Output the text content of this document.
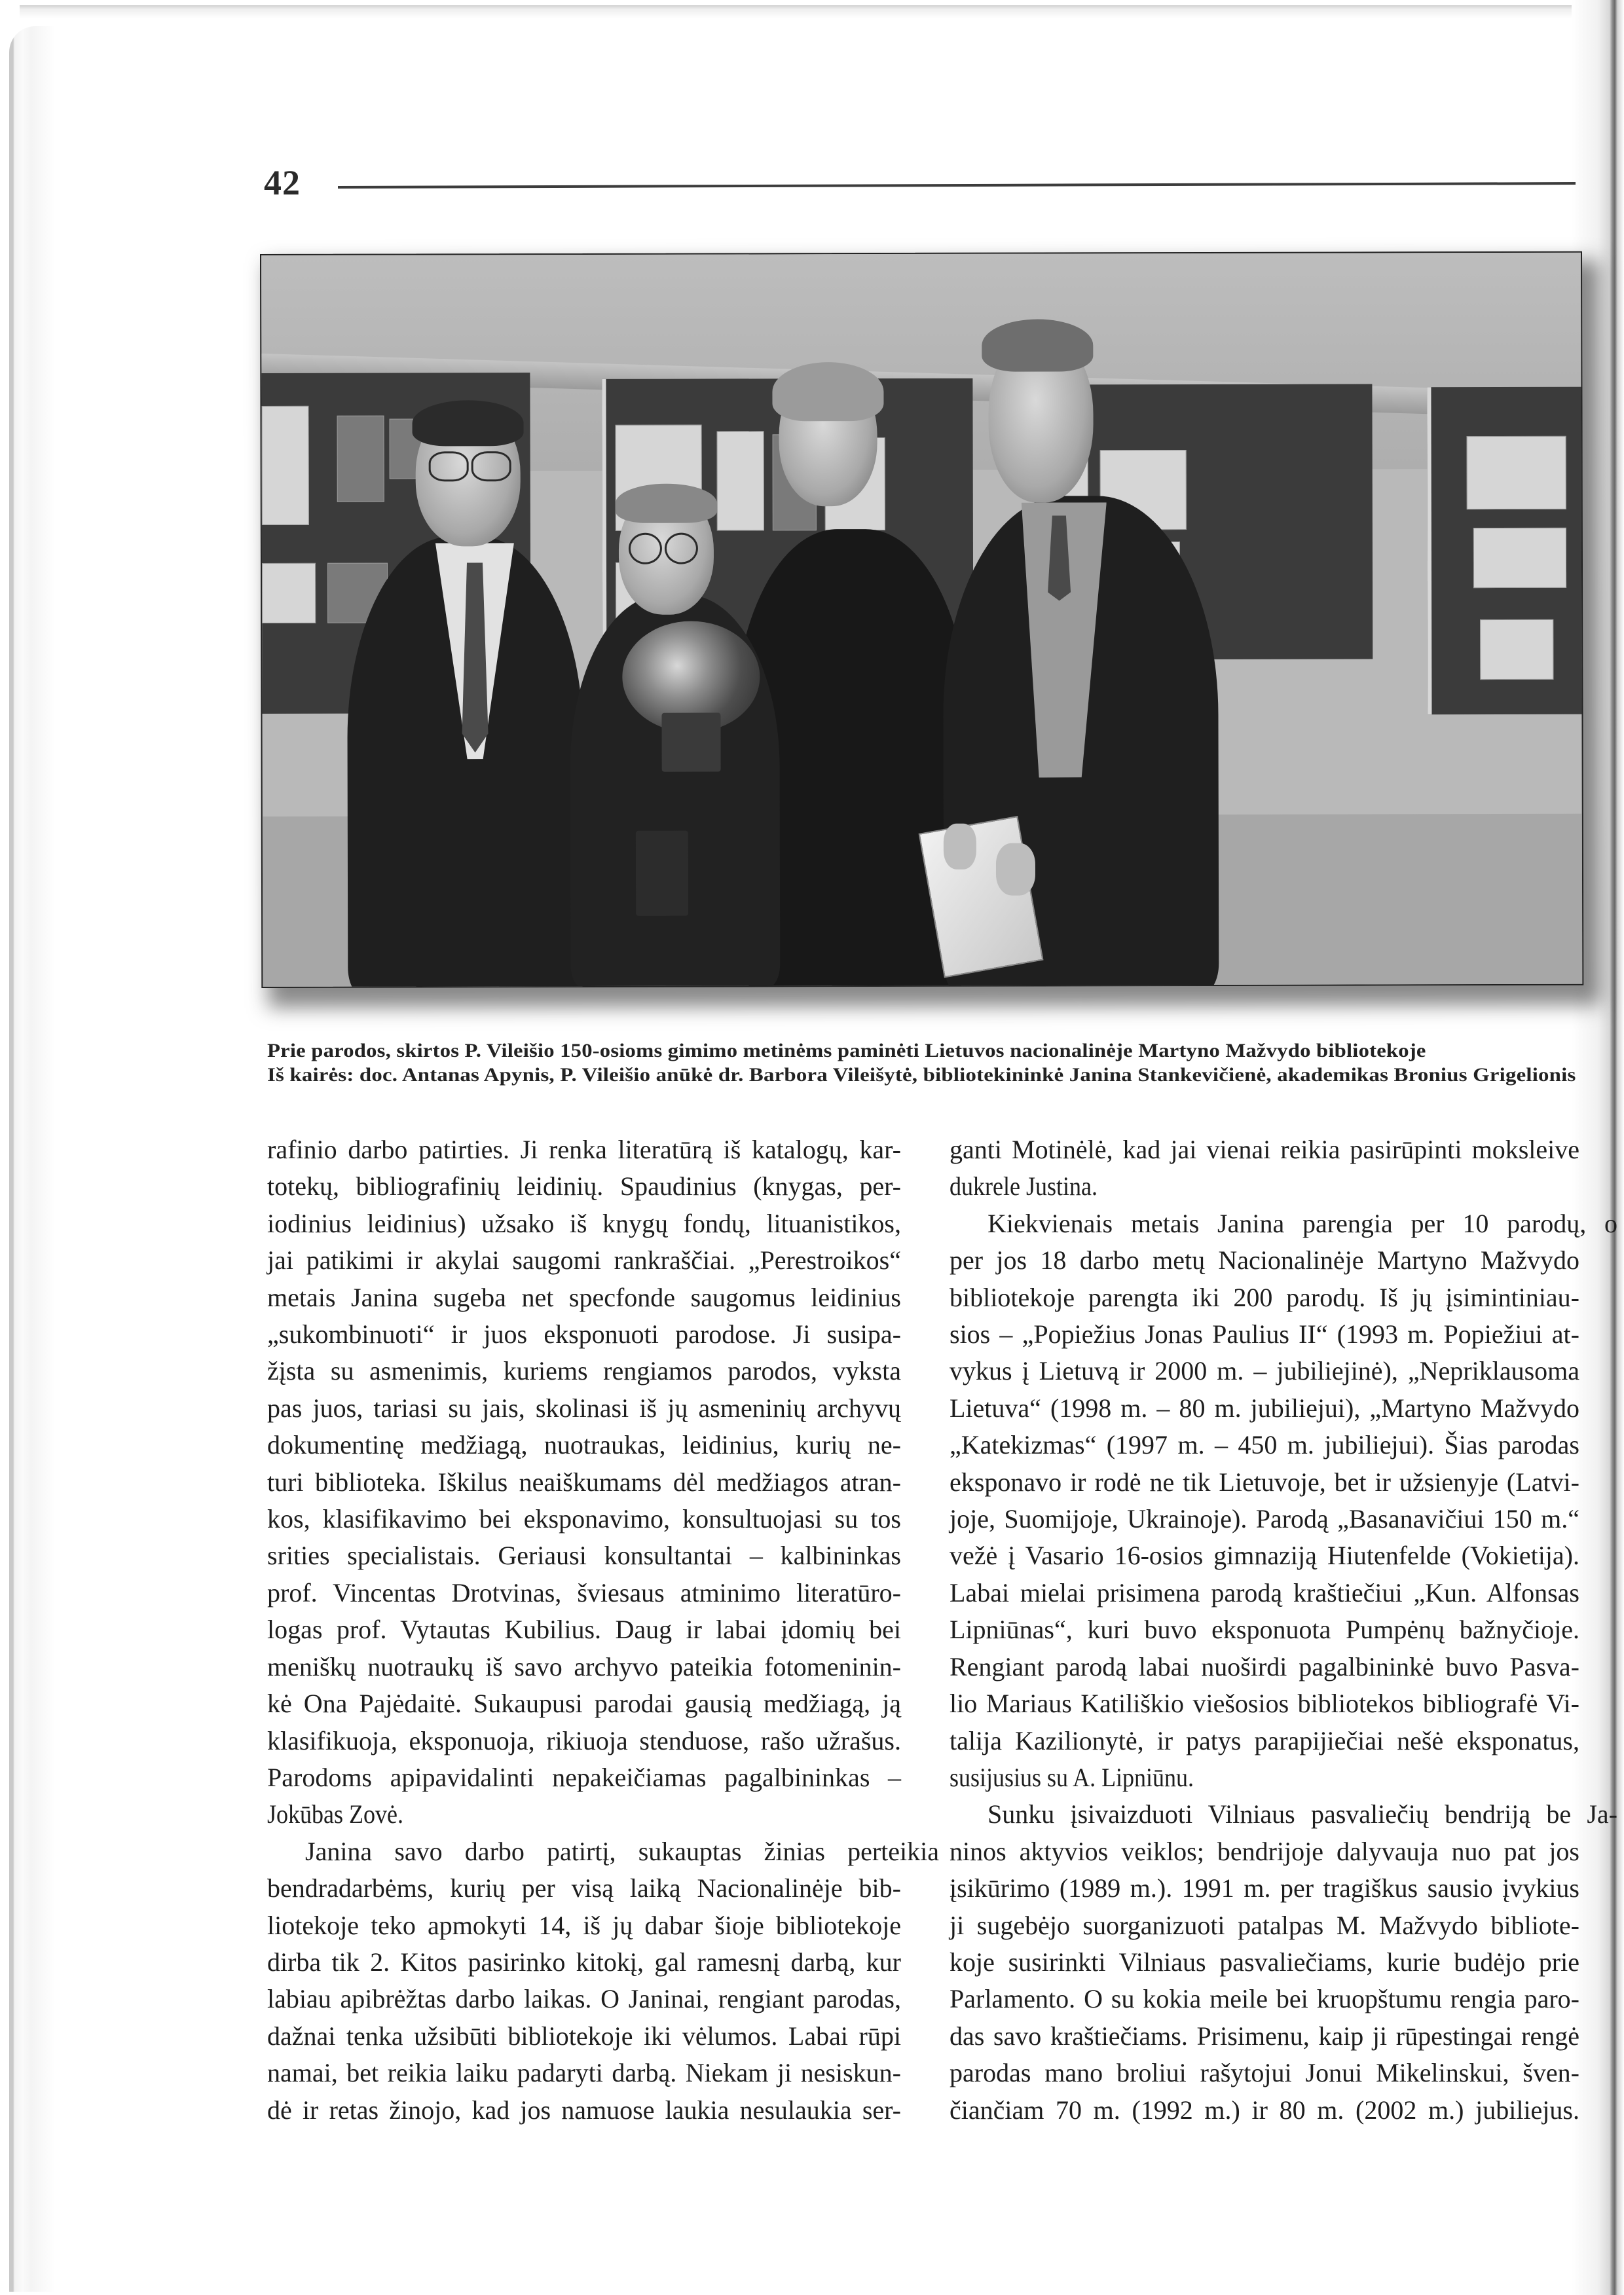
42
Prie parodos, skirtos P. Vileišio 150-osioms gimimo metinėms paminėti Lietuvos nacionalinėje Martyno Mažvydo bibliotekoje
Iš kairės: doc. Antanas Apynis, P. Vileišio anūkė dr. Barbora Vileišytė, bibliotekininkė Janina Stankevičienė, akademikas Bronius Grigelionis
rafinio darbo patirties. Ji renka literatūrą iš katalogų, kar-
totekų, bibliografinių leidinių. Spaudinius (knygas, per-
iodinius leidinius) užsako iš knygų fondų, lituanistikos,
jai patikimi ir akylai saugomi rankraščiai. „Perestroikos“
metais Janina sugeba net specfonde saugomus leidinius
„sukombinuoti“ ir juos eksponuoti parodose. Ji susipa-
žįsta su asmenimis, kuriems rengiamos parodos, vyksta
pas juos, tariasi su jais, skolinasi iš jų asmeninių archyvų
dokumentinę medžiagą, nuotraukas, leidinius, kurių ne-
turi biblioteka. Iškilus neaiškumams dėl medžiagos atran-
kos, klasifikavimo bei eksponavimo, konsultuojasi su tos
srities specialistais. Geriausi konsultantai – kalbininkas
prof. Vincentas Drotvinas, šviesaus atminimo literatūro-
logas prof. Vytautas Kubilius. Daug ir labai įdomių bei
meniškų nuotraukų iš savo archyvo pateikia fotomeninin-
kė Ona Pajėdaitė. Sukaupusi parodai gausią medžiagą, ją
klasifikuoja, eksponuoja, rikiuoja stenduose, rašo užrašus.
Parodoms apipavidalinti nepakeičiamas pagalbininkas –
Jokūbas Zovė.
Janina savo darbo patirtį, sukauptas žinias perteikia
bendradarbėms, kurių per visą laiką Nacionalinėje bib-
liotekoje teko apmokyti 14, iš jų dabar šioje bibliotekoje
dirba tik 2. Kitos pasirinko kitokį, gal ramesnį darbą, kur
labiau apibrėžtas darbo laikas. O Janinai, rengiant parodas,
dažnai tenka užsibūti bibliotekoje iki vėlumos. Labai rūpi
namai, bet reikia laiku padaryti darbą. Niekam ji nesiskun-
dė ir retas žinojo, kad jos namuose laukia nesulaukia ser-
ganti Motinėlė, kad jai vienai reikia pasirūpinti moksleive
dukrele Justina.
Kiekvienais metais Janina parengia per 10 parodų, o
per jos 18 darbo metų Nacionalinėje Martyno Mažvydo
bibliotekoje parengta iki 200 parodų. Iš jų įsimintiniau-
sios – „Popiežius Jonas Paulius II“ (1993 m. Popiežiui at-
vykus į Lietuvą ir 2000 m. – jubiliejinė), „Nepriklausoma
Lietuva“ (1998 m. – 80 m. jubiliejui), „Martyno Mažvydo
„Katekizmas“ (1997 m. – 450 m. jubiliejui). Šias parodas
eksponavo ir rodė ne tik Lietuvoje, bet ir užsienyje (Latvi-
joje, Suomijoje, Ukrainoje). Parodą „Basanavičiui 150 m.“
vežė į Vasario 16-osios gimnaziją Hiutenfelde (Vokietija).
Labai mielai prisimena parodą kraštiečiui „Kun. Alfonsas
Lipniūnas“, kuri buvo eksponuota Pumpėnų bažnyčioje.
Rengiant parodą labai nuoširdi pagalbininkė buvo Pasva-
lio Mariaus Katiliškio viešosios bibliotekos bibliografė Vi-
talija Kazilionytė, ir patys parapijiečiai nešė eksponatus,
susijusius su A. Lipniūnu.
Sunku įsivaizduoti Vilniaus pasvaliečių bendriją be Ja-
ninos aktyvios veiklos; bendrijoje dalyvauja nuo pat jos
įsikūrimo (1989 m.). 1991 m. per tragiškus sausio įvykius
ji sugebėjo suorganizuoti patalpas M. Mažvydo bibliote-
koje susirinkti Vilniaus pasvaliečiams, kurie budėjo prie
Parlamento. O su kokia meile bei kruopštumu rengia paro-
das savo kraštiečiams. Prisimenu, kaip ji rūpestingai rengė
parodas mano broliui rašytojui Jonui Mikelinskui, šven-
čiančiam 70 m. (1992 m.) ir 80 m. (2002 m.) jubiliejus.
